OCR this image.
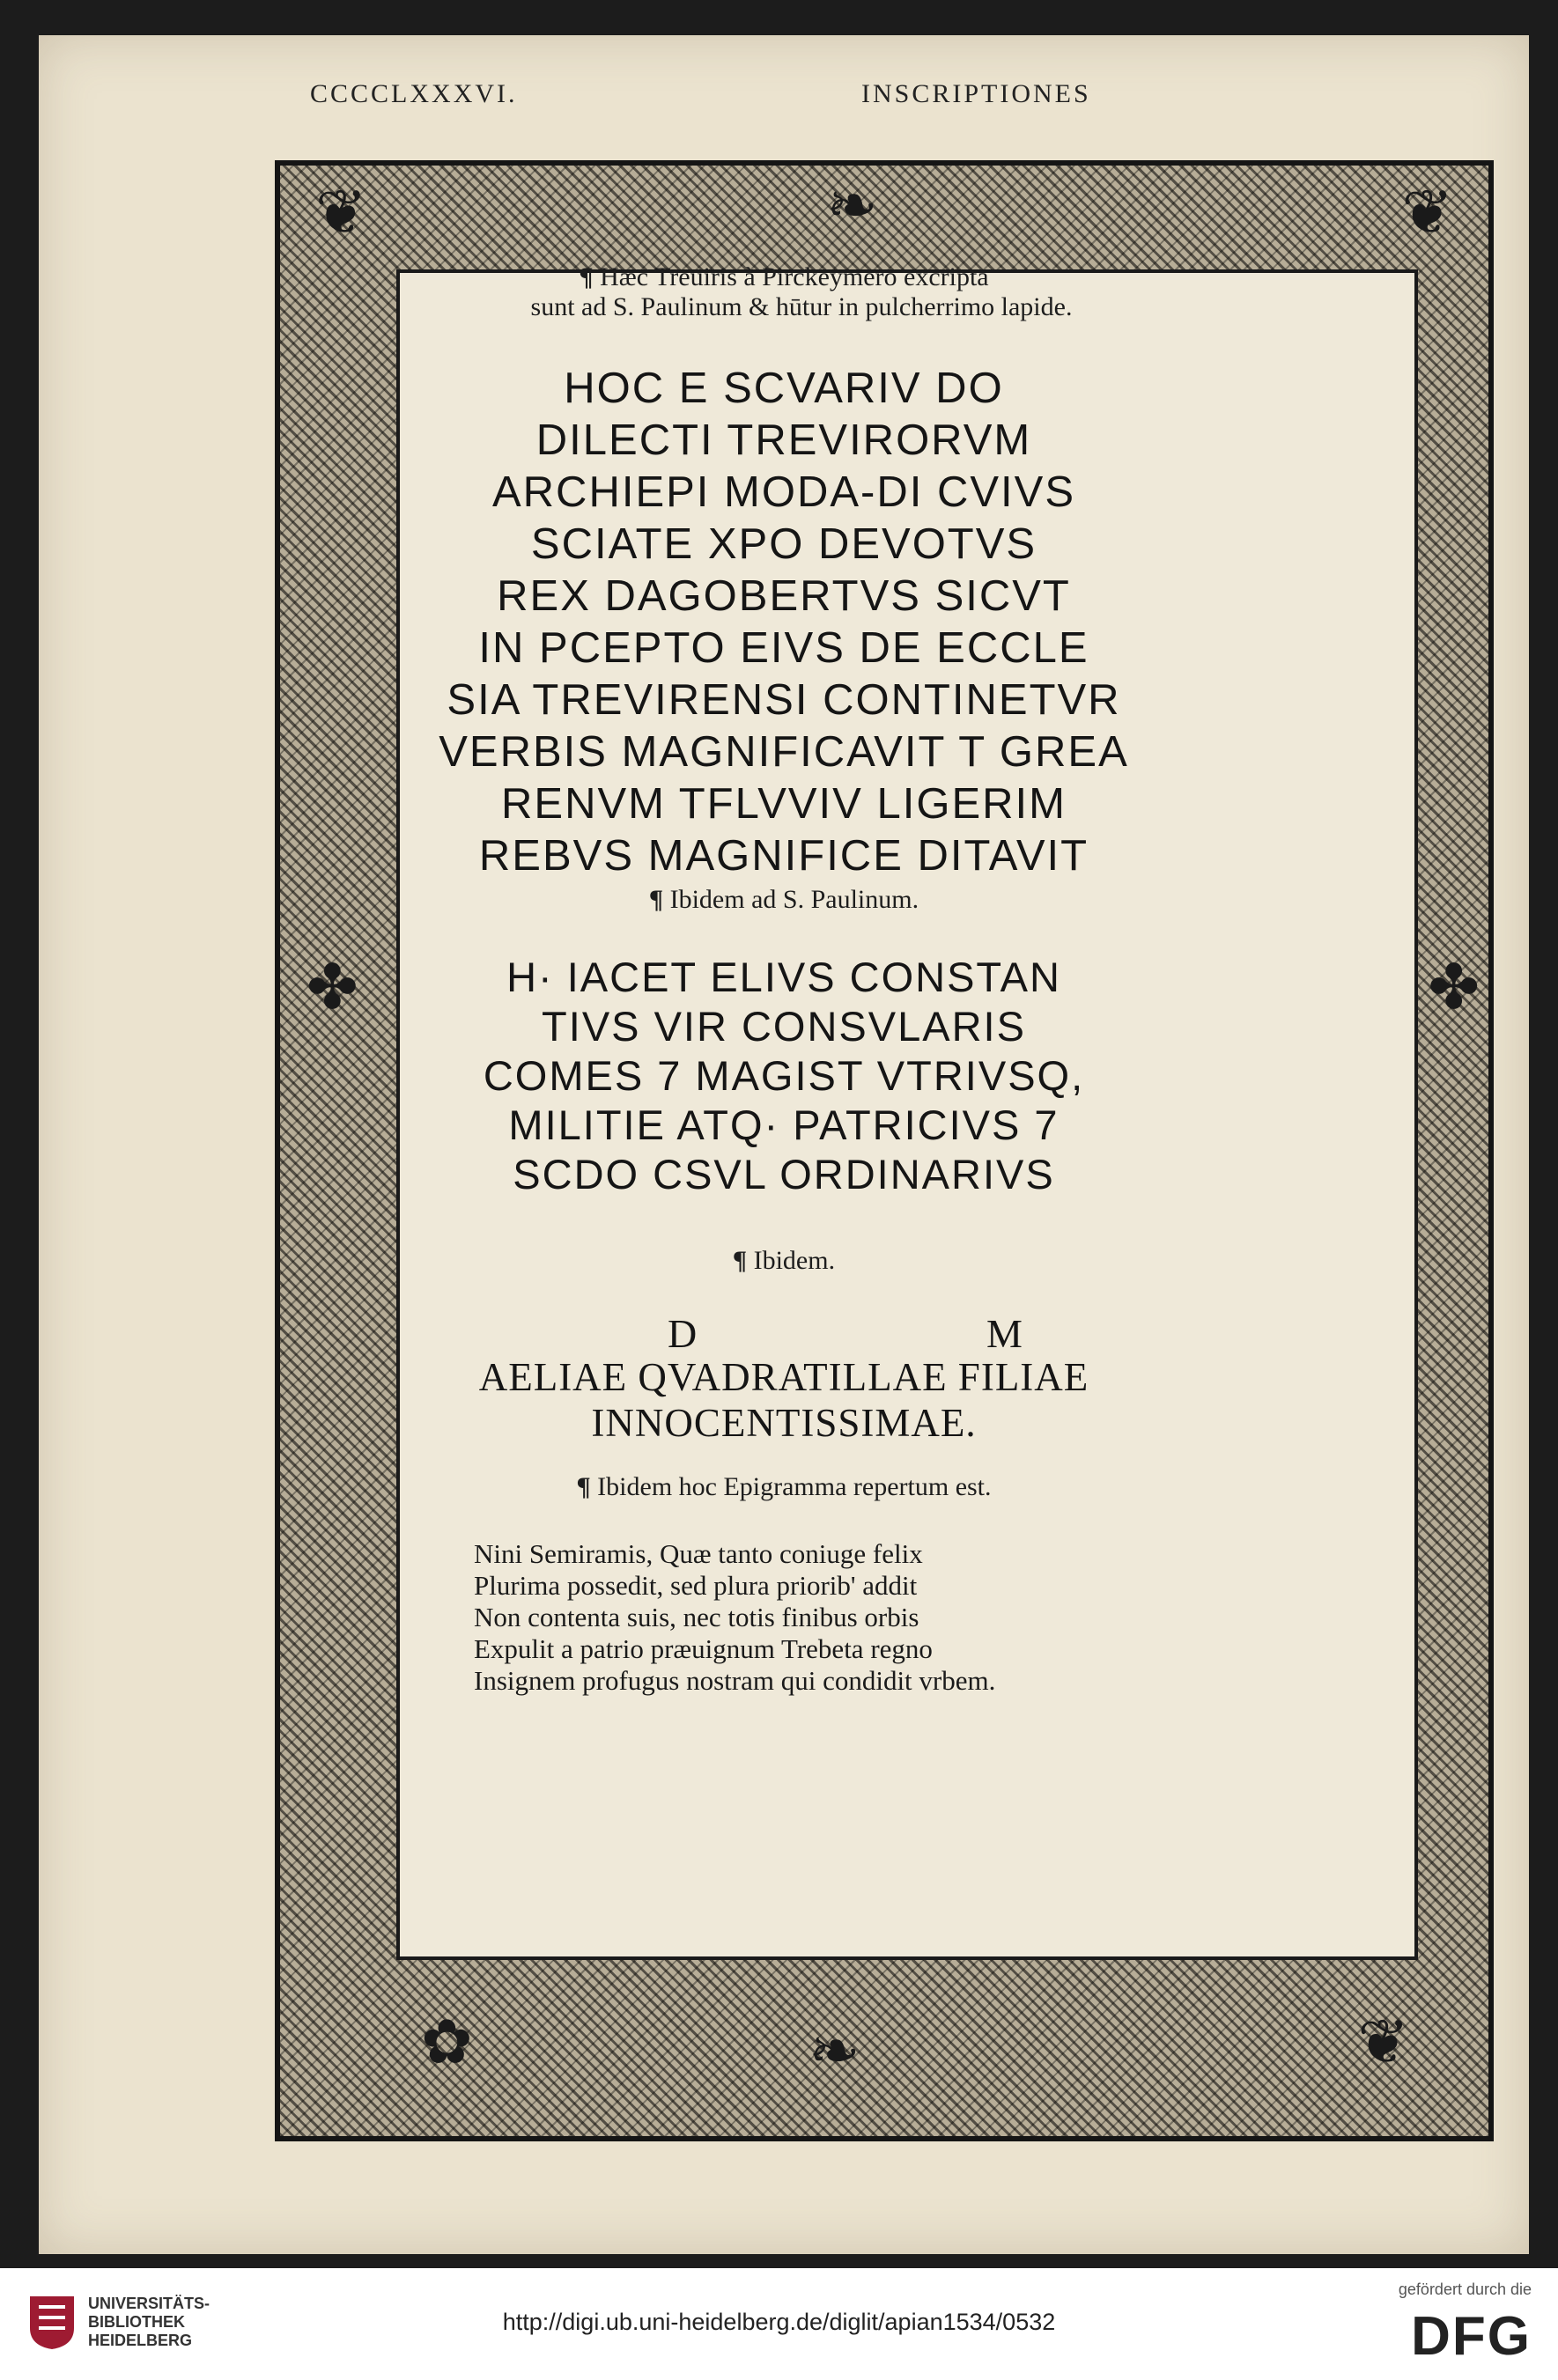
CCCCLXXXVI.	INSCRIPTIONES
❦	❧	❦
✤	✤
✿	❧	❦
¶ Hæc Treuiris à Pirckeymero excripta
sunt ad S. Paulinum & hūtur in pulcherrimo lapide.
HOC E SCVARIV DO
DILECTI TREVIRORVM
ARCHIEPI MODA-DI CVIVS
SCIATE XPO DEVOTVS
REX DAGOBERTVS SICVT
IN PCEPTO EIVS DE ECCLE
SIA TREVIRENSI CONTINETVR
VERBIS MAGNIFICAVIT T GREA
RENVM TFLVVIV LIGERIM
REBVS MAGNIFICE DITAVIT
¶ Ibidem ad S. Paulinum.
H· IACET ELIVS CONSTAN
TIVS VIR CONSVLARIS
COMES 7 MAGIST VTRIVSQ,
MILITIE ATQ· PATRICIVS 7
SCDO CSVL ORDINARIVS
¶ Ibidem.
D	M
AELIAE QVADRATILLAE FILIAE
INNOCENTISSIMAE.
¶ Ibidem hoc Epigramma repertum est.
Nini Semiramis, Quæ tanto coniuge felix
Plurima possedit, sed plura priorib' addit
Non contenta suis, nec totis finibus orbis
Expulit a patrio præuignum Trebeta regno
Insignem profugus nostram qui condidit vrbem.
UNIVERSITÄTS-
BIBLIOTHEK
HEIDELBERG
http://digi.ub.uni-heidelberg.de/diglit/apian1534/0532
gefördert durch die
DFG
